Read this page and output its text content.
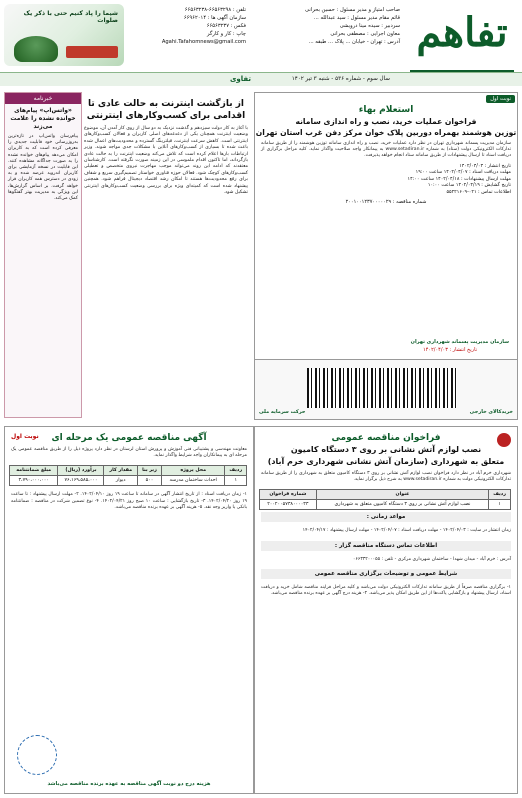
تفاهم
صاحب امتیاز و مدیر مسئول : حسین بحرانی
قائم مقام مدیر مسئول : سید عبدالله ...
سردبیر : سیده مینا درویشی
معاون اجرایی : مصطفی بحرانی
آدرس : تهران - خیابان ... پلاک ... طبقه ...
تلفن : ۶۶۵۶۳۲۹۸-۶۶۵۶۳۲۳۸
سازمان آگهی ها : ۶۶۹۶۲۰۱۴
فکس : ۶۶۵۶۳۲۳۷
چاپ : کار و کارگر
Agahi.Tafahomnews@gmail.com
شیما را پاد کنیم حتی با ذکر یک صلوات
سال سوم - شماره ۵۳۶ - شنبه ۳ تیر ۱۴۰۲
تفاوی
نوبت اول
استعلام بهاء
فراخوان عملیات خرید، نصب و راه اندازی سامانه
توزین هوشمند بهمراه دوربین پلاک خوان مرکز دفن غرب استان تهران
سازمان مدیریت پسماند شهرداری تهران در نظر دارد عملیات خرید، نصب و راه اندازی سامانه توزین هوشمند را از طریق سامانه تدارکات الکترونیکی دولت (ستاد) به شماره www.setadiran.ir به پیمانکار واجد صلاحیت واگذار نماید. کلیه مراحل برگزاری از دریافت اسناد تا ارسال پیشنهادات از طریق سامانه ستاد انجام خواهد پذیرفت.
تاریخ انتشار : ۱۴۰۲/۰۴/۰۳
مهلت دریافت اسناد : ۱۴۰۲/۰۴/۰۷ ساعت ۱۹:۰۰
مهلت ارسال پیشنهادات : ۱۴۰۲/۰۴/۱۸ ساعت ۱۴:۰۰
تاریخ گشایش : ۱۴۰۲/۰۴/۱۹ ساعت ۱۰:۰۰
اطلاعات تماس : ۰۲۱-۵۵۲۲۱۶۰۹
شماره مناقصه : ۲۰۰۱۰۰۱۲۳۷۰۰۰۰۰۲۹
سازمان مدیریت پسماند شهرداری تهران
تاریخ انتشار : ۱۴۰۲/۰۴/۰۳
خریدکالای خارجی
حرکت سرمایه ملی
از بازگشت اینترنت به حالت عادی تا اقدامی برای کسب‌وکارهای اینترنتی
با آغاز به کار دولت سیزدهم و گذشت نزدیک به دو سال از روی کار آمدن آن، موضوع وضعیت اینترنت همچنان یکی از دغدغه‌های اصلی کاربران و فعالان کسب‌وکارهای اینترنتی است. کاهش سرعت اینترنت، فیلترینگ گسترده و محدودیت‌های اعمال شده باعث شده تا بسیاری از کسب‌وکارهای آنلاین با مشکلات جدی مواجه شوند. وزیر ارتباطات بارها اعلام کرده است که تلاش می‌کند وضعیت اینترنت را به حالت عادی بازگرداند، اما تاکنون اقدام ملموسی در این زمینه صورت نگرفته است. کارشناسان معتقدند که ادامه این روند می‌تواند موجب مهاجرت نیروی متخصص و تعطیلی کسب‌وکارهای کوچک شود. فعالان حوزه فناوری خواستار تصمیم‌گیری سریع و شفاف برای رفع محدودیت‌ها هستند تا امکان رشد اقتصاد دیجیتال فراهم شود. همچنین پیشنهاد شده است که کمیته‌ای ویژه برای بررسی وضعیت کسب‌وکارهای اینترنتی تشکیل شود.
خبرنامه
«واتس‌اپ» پیام‌های خوانده نشده را علامت می‌زند
پیام‌رسان واتس‌اپ در تازه‌ترین به‌روزرسانی خود قابلیت جدیدی را معرفی کرده است که به کاربران امکان می‌دهد پیام‌های خوانده نشده را به صورت جداگانه مشاهده کنند. این قابلیت در نسخه آزمایشی برای کاربران اندروید عرضه شده و به زودی در دسترس همه کاربران قرار خواهد گرفت. بر اساس گزارش‌ها، این ویژگی به مدیریت بهتر گفتگوها کمک می‌کند.
فراخوان مناقصه عمومی
نصب لوازم آتش نشانی بر روی ۳ دستگاه کامیون
متعلق به شهرداری (سازمان آتش نشانی شهرداری خرم آباد)
شهرداری خرم آباد در نظر دارد فراخوان نصب لوازم آتش نشانی بر روی ۳ دستگاه کامیون متعلق به شهرداری را از طریق سامانه تدارکات الکترونیکی دولت به شماره www.setadiran.ir به شرح ذیل برگزار نماید.
ردیف	عنوان	شماره فراخوان
۱	نصب لوازم آتش نشانی بر روی ۳ دستگاه کامیون متعلق به شهرداری	۲۰۰۲۰۰۵۷۳۸۰۰۰۰۳۳
مواعد زمانی :
زمان انتشار در سایت : ۱۴۰۲/۰۴/۰۳ - مهلت دریافت اسناد : ۱۴۰۲/۰۴/۰۷ - مهلت ارسال پیشنهاد : ۱۴۰۲/۰۴/۱۷
اطلاعات تماس دستگاه مناقصه گزار :
آدرس : خرم آباد - میدان شهدا - ساختمان شهرداری مرکزی - تلفن : ۰۶۶۳۳۲۰۰۰۵۵
شرایط عمومی و توضیحات برگزاری مناقصه عمومی
۱- برگزاری مناقصه صرفاً از طریق سامانه تدارکات الکترونیکی دولت می‌باشد و کلیه مراحل فرایند مناقصه شامل خرید و دریافت اسناد، ارسال پیشنهاد و بازگشایی پاکت‌ها از این طریق امکان پذیر می‌باشد. ۲- هزینه درج آگهی بر عهده برنده مناقصه می‌باشد.
نوبت اول	آگهی مناقصه عمومی یک مرحله ای
معاونت مهندسی و پشتیبانی فنی آموزش و پرورش استان لرستان در نظر دارد پروژه ذیل را از طریق مناقصه عمومی یک مرحله ای به پیمانکاران واجد شرایط واگذار نماید.
ردیف	محل پروژه	زیر بنا	مقدار کار	برآورد (ریال)	مبلغ ضمانتنامه
۱	احداث ساختمان مدرسه	۵۰۰	دیوار	۷۶،۱۶۹،۵۸۵،۰۰۰	۳،۷۹۰،۰۰۰،۰۰۰
۱- زمان دریافت اسناد : از تاریخ انتشار آگهی در سامانه تا ساعت ۱۹ روز ۱۴۰۲/۰۴/۱۰. ۲- مهلت ارسال پیشنهاد : تا ساعت ۱۹ روز ۱۴۰۲/۰۴/۲۰. ۳- تاریخ بازگشایی : ساعت ۱۰ صبح روز ۱۴۰۲/۰۴/۲۱. ۴- نوع تضمین شرکت در مناقصه : ضمانتنامه بانکی یا واریز وجه نقد. ۵- هزینه آگهی بر عهده برنده مناقصه می‌باشد.
هزینه درج دو نوبت آگهی مناقصه به عهده برنده مناقصه می‌باشد
